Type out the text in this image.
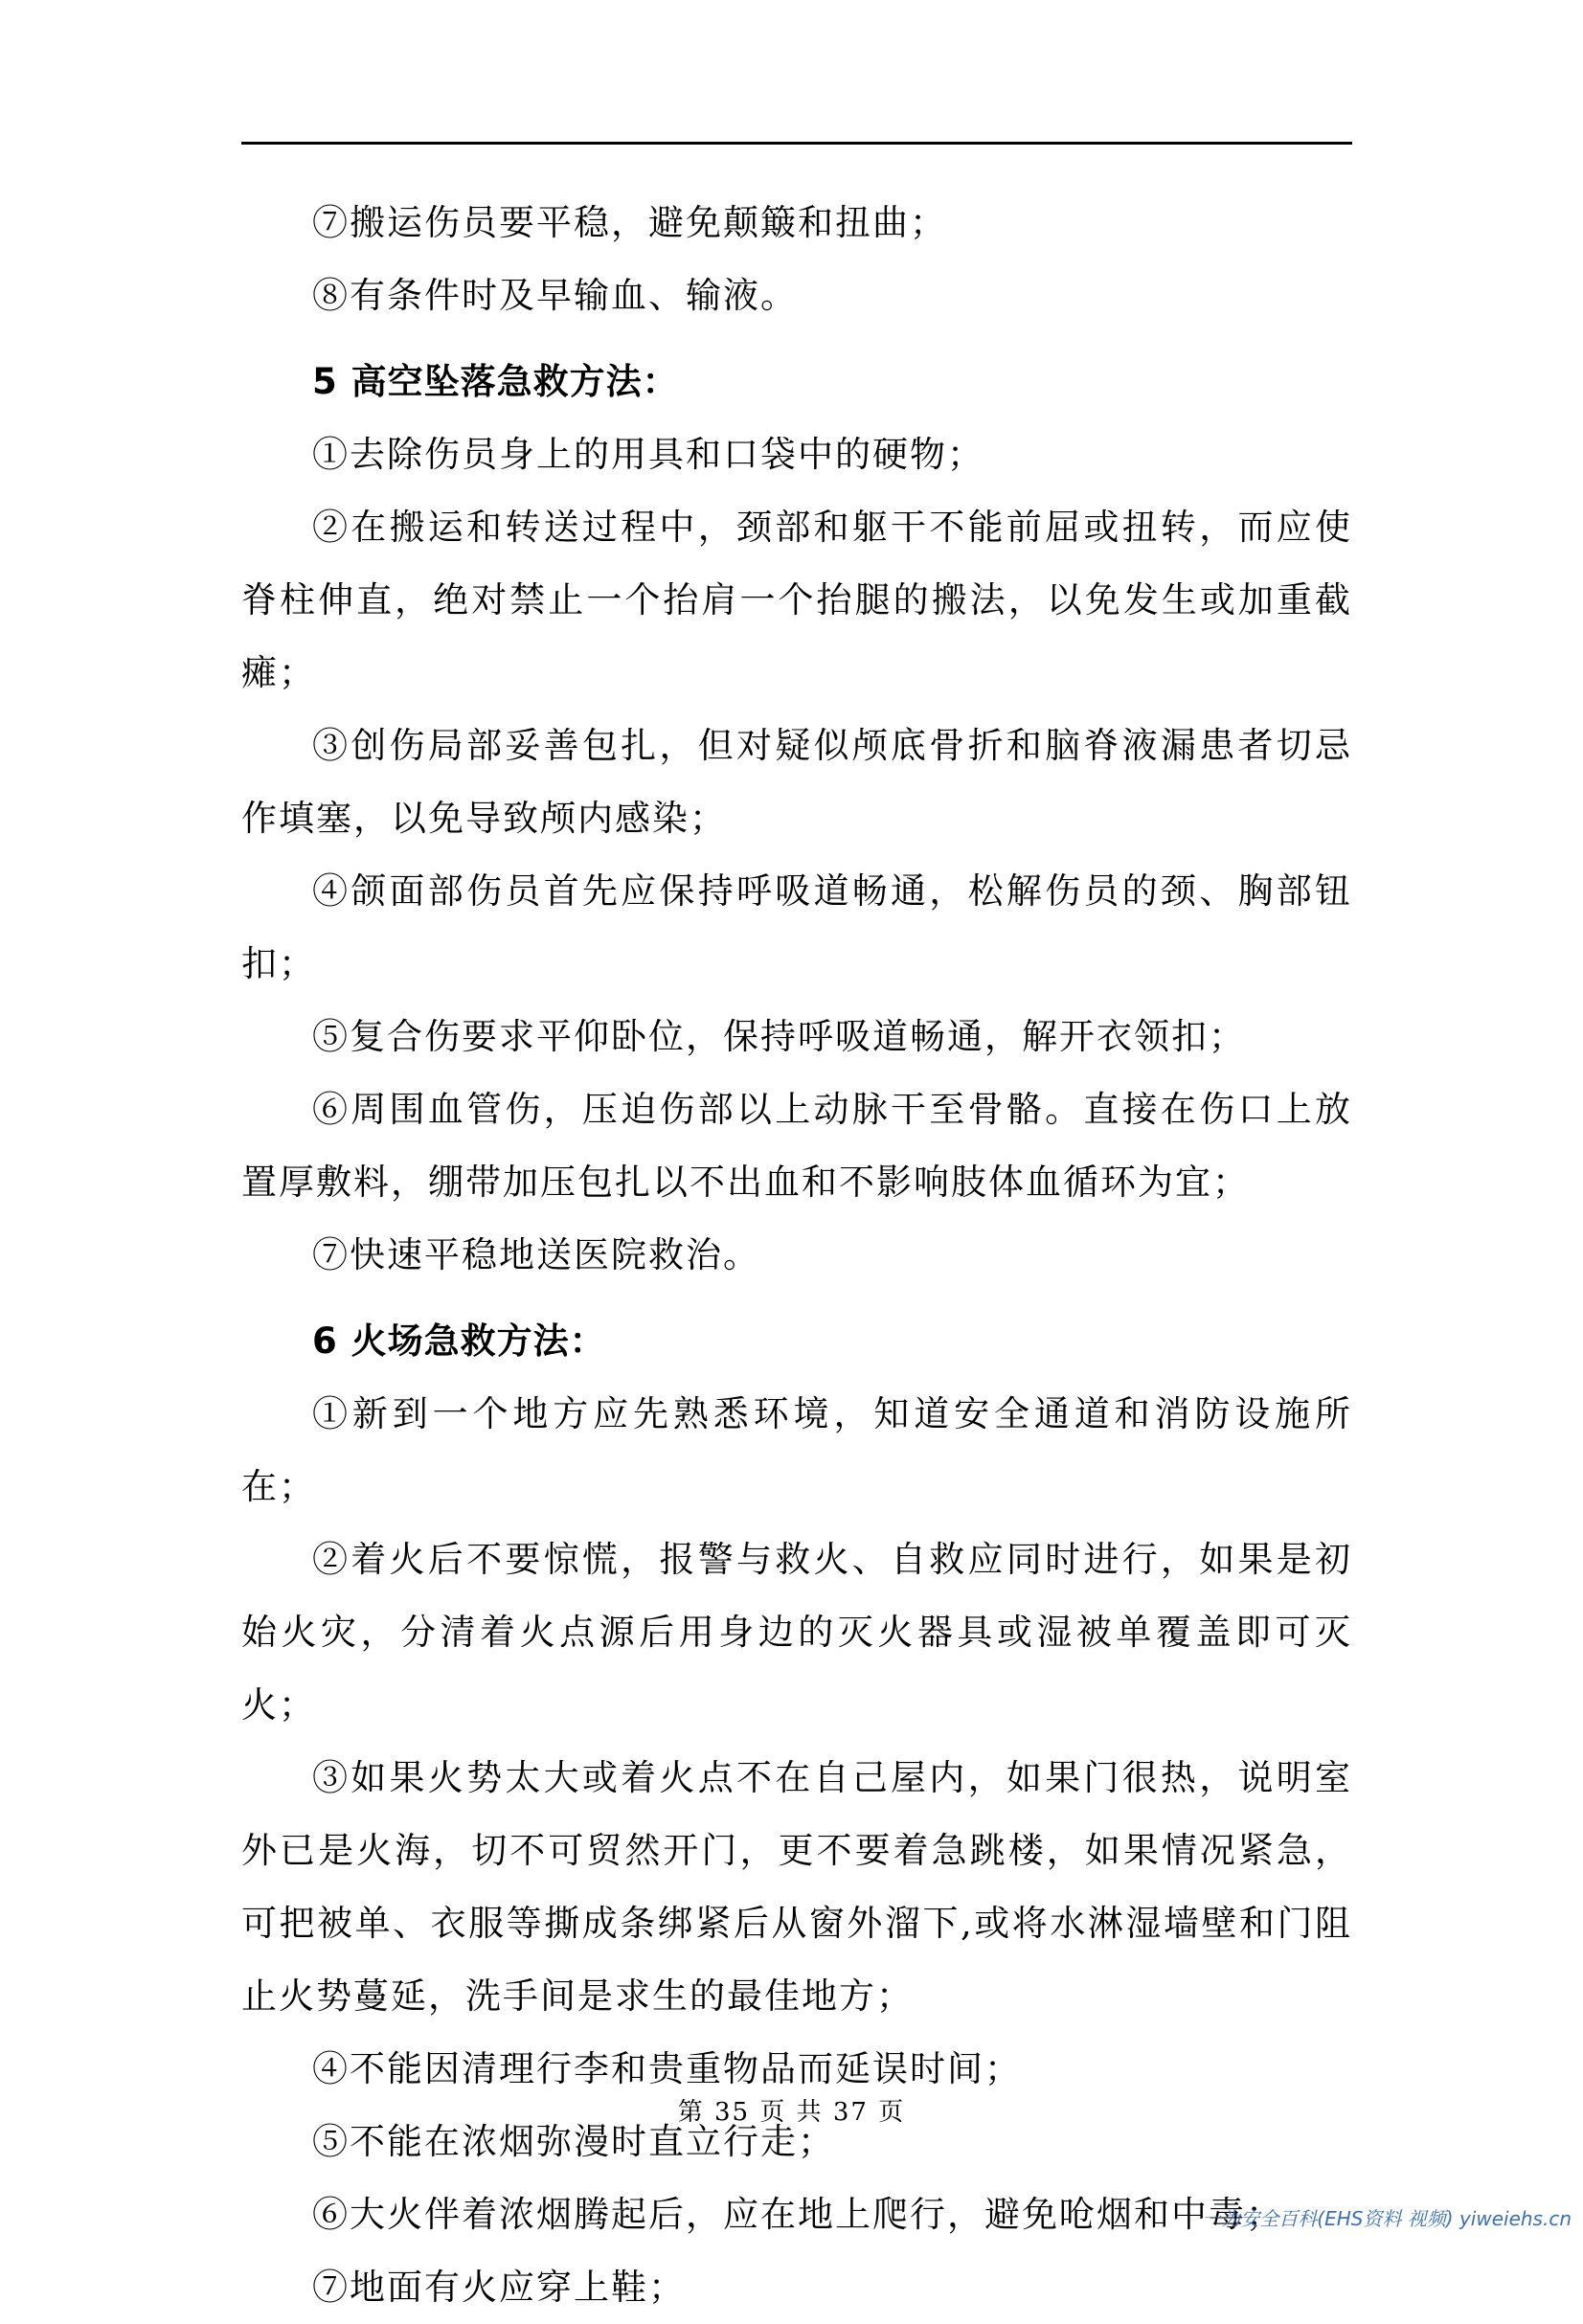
⑦搬运伤员要平稳，避免颠簸和扭曲；

⑧有条件时及早输血、输液。

5 高空坠落急救方法：

①去除伤员身上的用具和口袋中的硬物；

②在搬运和转送过程中，颈部和躯干不能前屈或扭转，而应使脊柱伸直，绝对禁止一个抬肩一个抬腿的搬法，以免发生或加重截瘫；

③创伤局部妥善包扎，但对疑似颅底骨折和脑脊液漏患者切忌作填塞，以免导致颅内感染；

④颌面部伤员首先应保持呼吸道畅通，松解伤员的颈、胸部钮扣；

⑤复合伤要求平仰卧位，保持呼吸道畅通，解开衣领扣；

⑥周围血管伤，压迫伤部以上动脉干至骨骼。直接在伤口上放置厚敷料，绷带加压包扎以不出血和不影响肢体血循环为宜；

⑦快速平稳地送医院救治。

6 火场急救方法：

①新到一个地方应先熟悉环境，知道安全通道和消防设施所在；

②着火后不要惊慌，报警与救火、自救应同时进行，如果是初始火灾，分清着火点源后用身边的灭火器具或湿被单覆盖即可灭火；

③如果火势太大或着火点不在自己屋内，如果门很热，说明室外已是火海，切不可贸然开门，更不要着急跳楼，如果情况紧急，可把被单、衣服等撕成条绑紧后从窗外溜下,或将水淋湿墙壁和门阻止火势蔓延，洗手间是求生的最佳地方；

④不能因清理行李和贵重物品而延误时间；

⑤不能在浓烟弥漫时直立行走；

⑥大火伴着浓烟腾起后，应在地上爬行，避免呛烟和中毒；

⑦地面有火应穿上鞋；

第 35 页 共 37 页
一为安全百科(EHS资料 视频) yiweiehs.cn
